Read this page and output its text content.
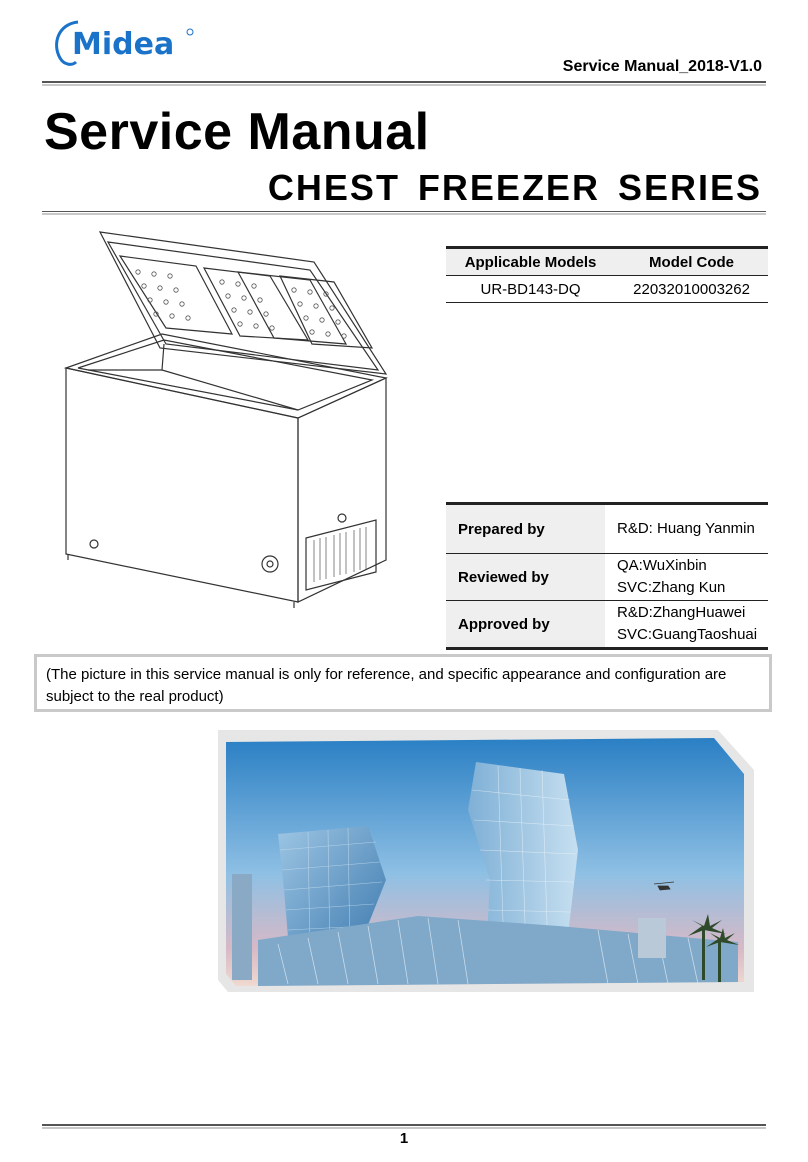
Midea
Service Manual_2018-V1.0
Service Manual
CHEST FREEZER SERIES
Applicable Models	Model Code
UR-BD143-DQ	22032010003262
Prepared by	R&D: Huang Yanmin

Reviewed by	QA:WuXinbin
SVC:Zhang Kun

Approved by	R&D:ZhangHuawei
SVC:GuangTaoshuai
(The picture in this service manual is only for reference, and specific appearance and configuration are subject to the real product)
1
